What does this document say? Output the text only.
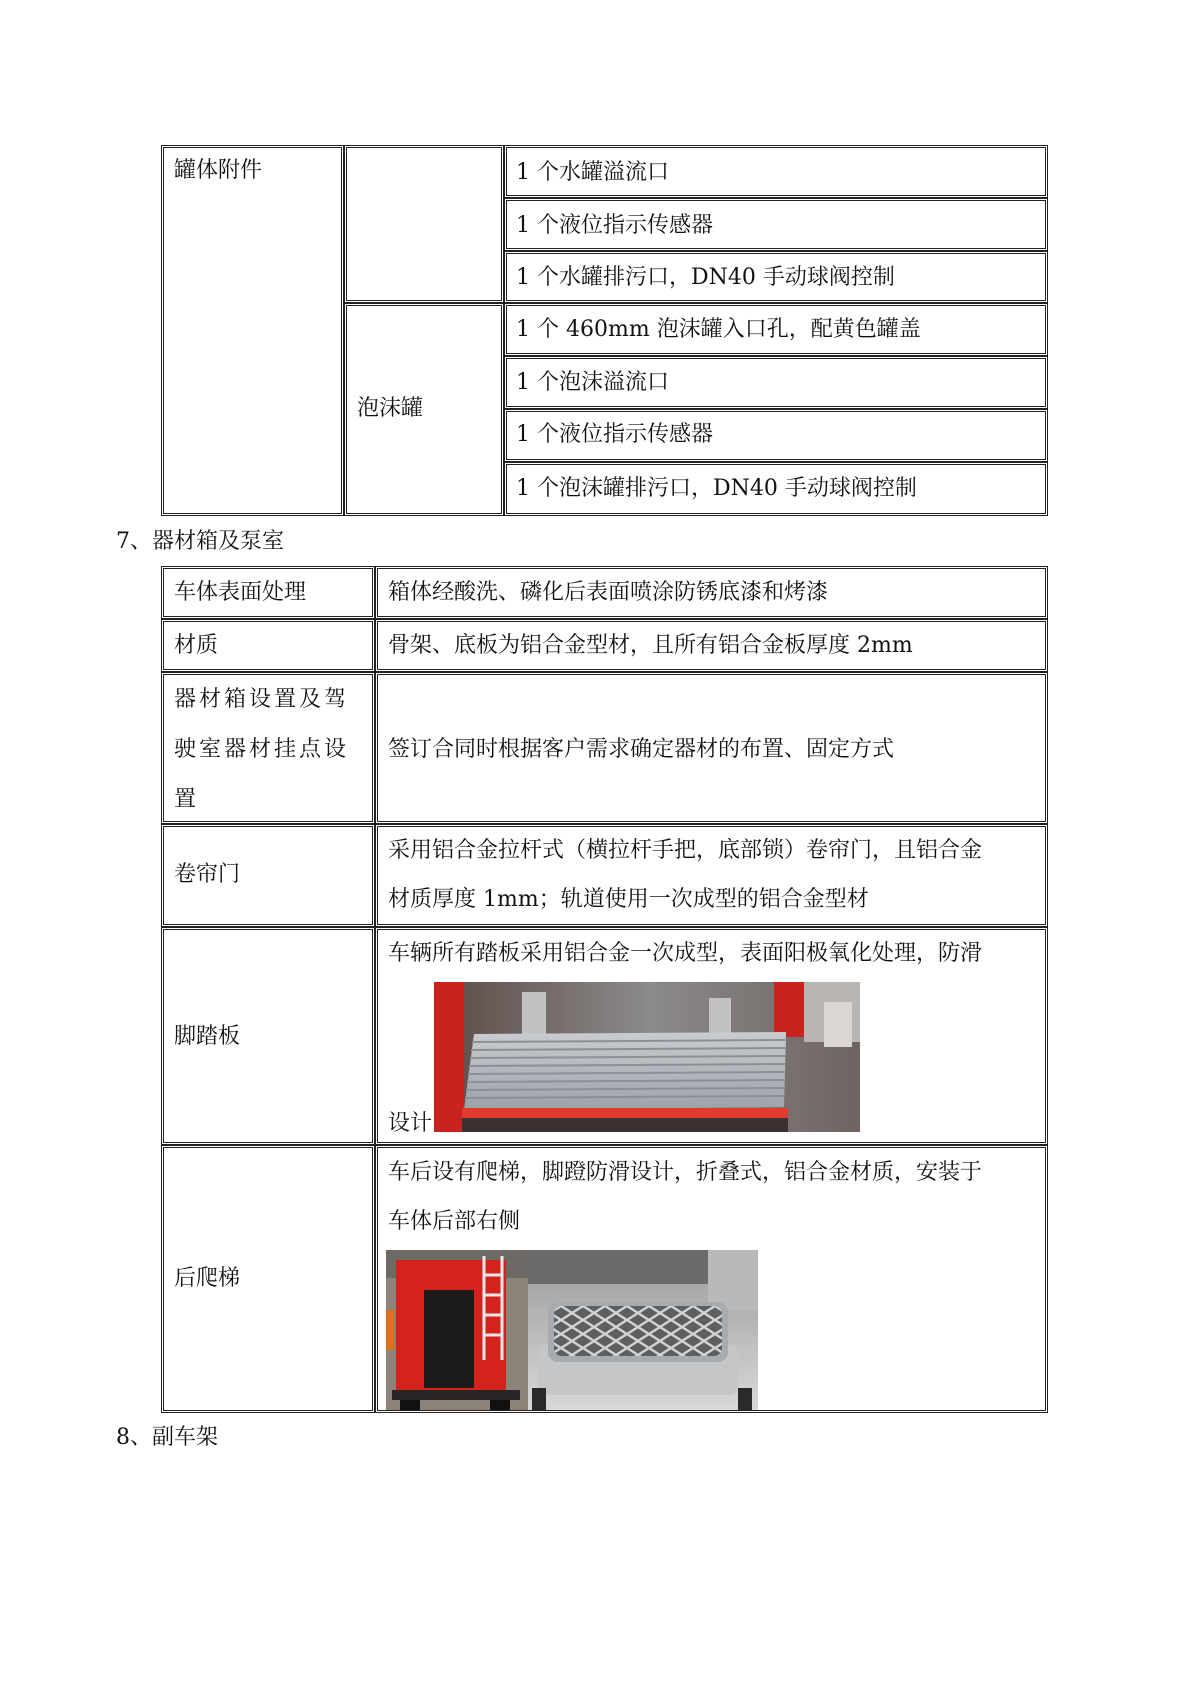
罐体附件
泡沫罐
1 个水罐溢流口
1 个液位指示传感器
1 个水罐排污口，DN40 手动球阀控制
1 个 460mm 泡沫罐入口孔，配黄色罐盖
1 个泡沫溢流口
1 个液位指示传感器
1 个泡沫罐排污口，DN40 手动球阀控制
7、器材箱及泵室
车体表面处理	箱体经酸洗、磷化后表面喷涂防锈底漆和烤漆
材质	骨架、底板为铝合金型材，且所有铝合金板厚度 2mm
器材箱设置及驾
驶室器材挂点设
置
签订合同时根据客户需求确定器材的布置、固定方式
卷帘门
采用铝合金拉杆式（横拉杆手把，底部锁）卷帘门，且铝合金
材质厚度 1mm；轨道使用一次成型的铝合金型材
脚踏板
车辆所有踏板采用铝合金一次成型，表面阳极氧化处理，防滑
设计
后爬梯
车后设有爬梯，脚蹬防滑设计，折叠式，铝合金材质，安装于
车体后部右侧
8、副车架
